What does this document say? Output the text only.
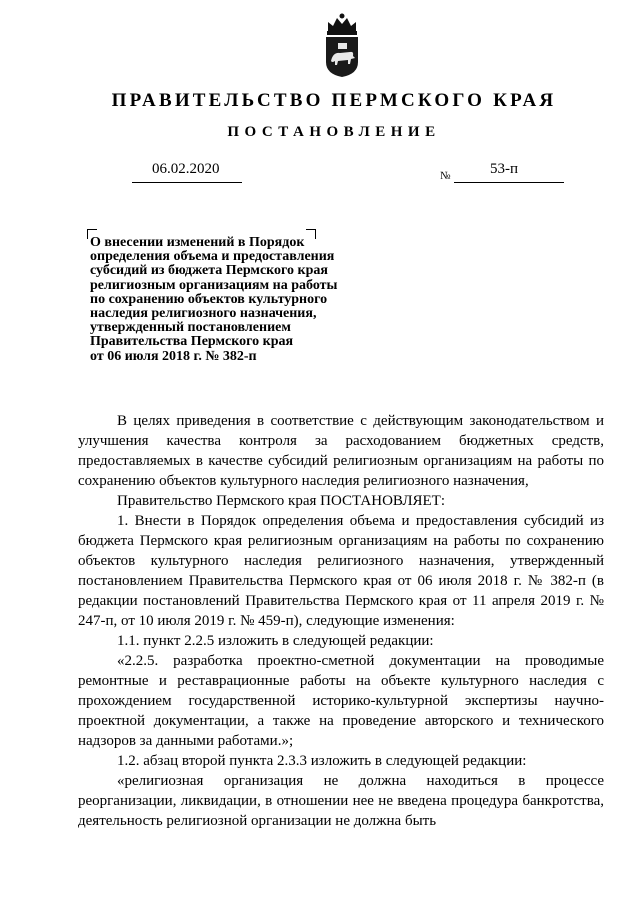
ПРАВИТЕЛЬСТВО ПЕРМСКОГО КРАЯ
ПОСТАНОВЛЕНИЕ
06.02.2020	№	53-п
О внесении изменений в Порядок
определения объема и предоставления
субсидий из бюджета Пермского края
религиозным организациям на работы
по сохранению объектов культурного
наследия религиозного назначения,
утвержденный постановлением
Правительства Пермского края
от 06 июля 2018 г. № 382-п

В целях приведения в соответствие с действующим законодательством и улучшения качества контроля за расходованием бюджетных средств, предоставляемых в качестве субсидий религиозным организациям на работы по сохранению объектов культурного наследия религиозного назначения,

Правительство Пермского края ПОСТАНОВЛЯЕТ:

1. Внести в Порядок определения объема и предоставления субсидий из бюджета Пермского края религиозным организациям на работы по сохранению объектов культурного наследия религиозного назначения, утвержденный постановлением Правительства Пермского края от 06 июля 2018 г. № 382-п (в редакции постановлений Правительства Пермского края от 11 апреля 2019 г. № 247-п, от 10 июля 2019 г. № 459-п), следующие изменения:

1.1. пункт 2.2.5 изложить в следующей редакции:

«2.2.5. разработка проектно-сметной документации на проводимые ремонтные и реставрационные работы на объекте культурного наследия с прохождением государственной историко-культурной экспертизы научно-проектной документации, а также на проведение авторского и технического надзоров за данными работами.»;

1.2. абзац второй пункта 2.3.3 изложить в следующей редакции:

«религиозная организация не должна находиться в процессе реорганизации, ликвидации, в отношении нее не введена процедура банкротства, деятельность религиозной организации не должна быть
